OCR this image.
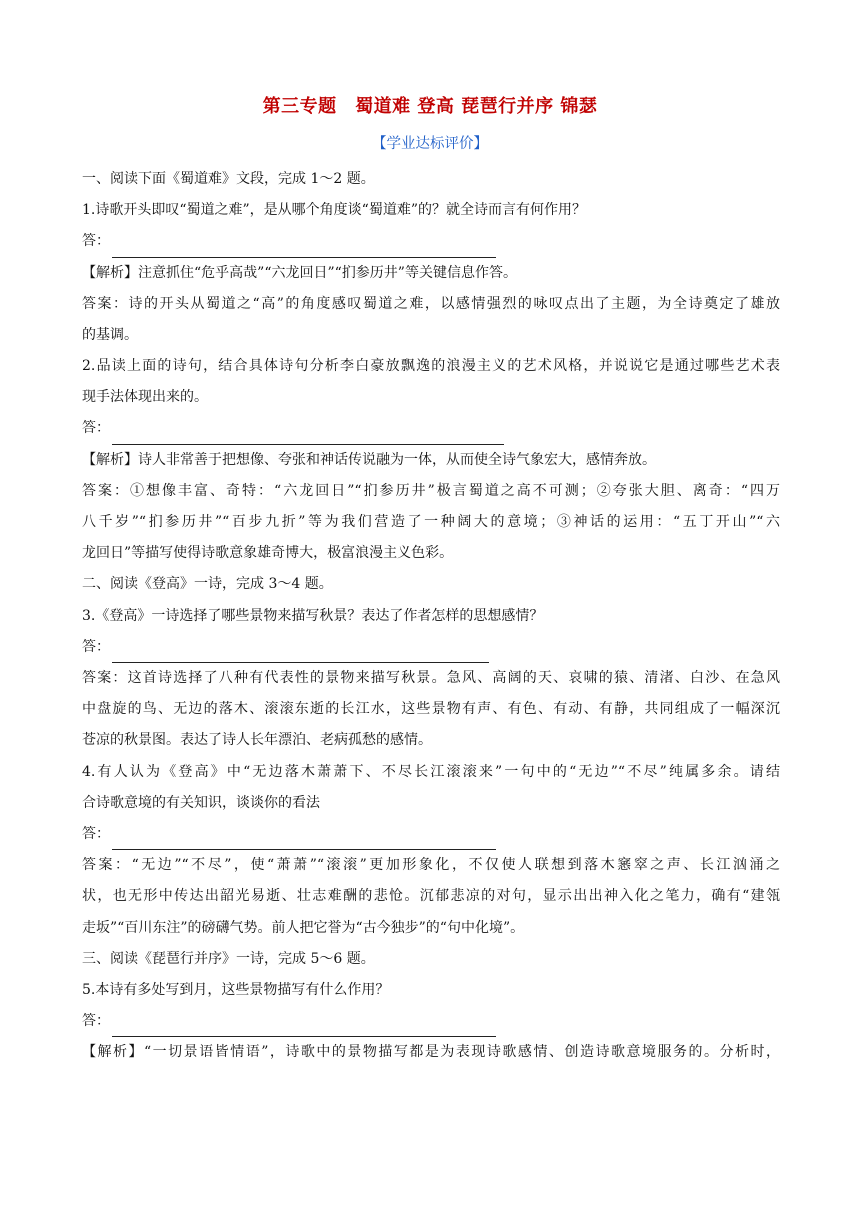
第三专题　蜀道难 登高 琵琶行并序 锦瑟
【学业达标评价】
一、阅读下面《蜀道难》文段，完成 1～2 题。
1.诗歌开头即叹“蜀道之难”，是从哪个角度谈“蜀道难”的？就全诗而言有何作用？
答：
【解析】注意抓住“危乎高哉”“六龙回日”“扪参历井”等关键信息作答。
答案：诗的开头从蜀道之“高”的角度感叹蜀道之难，以感情强烈的咏叹点出了主题，为全诗奠定了雄放
的基调。
2.品读上面的诗句，结合具体诗句分析李白豪放飘逸的浪漫主义的艺术风格，并说说它是通过哪些艺术表
现手法体现出来的。
答：
【解析】诗人非常善于把想像、夸张和神话传说融为一体，从而使全诗气象宏大，感情奔放。
答案：①想像丰富、奇特：“六龙回日”“扪参历井”极言蜀道之高不可测；②夸张大胆、离奇：“四万
八千岁”“扪参历井”“百步九折”等为我们营造了一种阔大的意境；③神话的运用：“五丁开山”“六
龙回日”等描写使得诗歌意象雄奇博大，极富浪漫主义色彩。
二、阅读《登高》一诗，完成 3～4 题。
3.《登高》一诗选择了哪些景物来描写秋景？表达了作者怎样的思想感情？
答：
答案：这首诗选择了八种有代表性的景物来描写秋景。急风、高阔的天、哀啸的猿、清渚、白沙、在急风
中盘旋的鸟、无边的落木、滚滚东逝的长江水，这些景物有声、有色、有动、有静，共同组成了一幅深沉
苍凉的秋景图。表达了诗人长年漂泊、老病孤愁的感情。
4.有人认为《登高》中“无边落木萧萧下、不尽长江滚滚来”一句中的“无边”“不尽”纯属多余。请结
合诗歌意境的有关知识，谈谈你的看法
答：
答案：“无边”“不尽”，使“萧萧”“滚滚”更加形象化，不仅使人联想到落木窸窣之声、长江汹涌之
状，也无形中传达出韶光易逝、壮志难酬的悲怆。沉郁悲凉的对句，显示出出神入化之笔力，确有“建瓴
走坂”“百川东注”的磅礴气势。前人把它誉为“古今独步”的“句中化境”。
三、阅读《琵琶行并序》一诗，完成 5～6 题。
5.本诗有多处写到月，这些景物描写有什么作用？
答：
【解析】“一切景语皆情语”，诗歌中的景物描写都是为表现诗歌感情、创造诗歌意境服务的。分析时，
